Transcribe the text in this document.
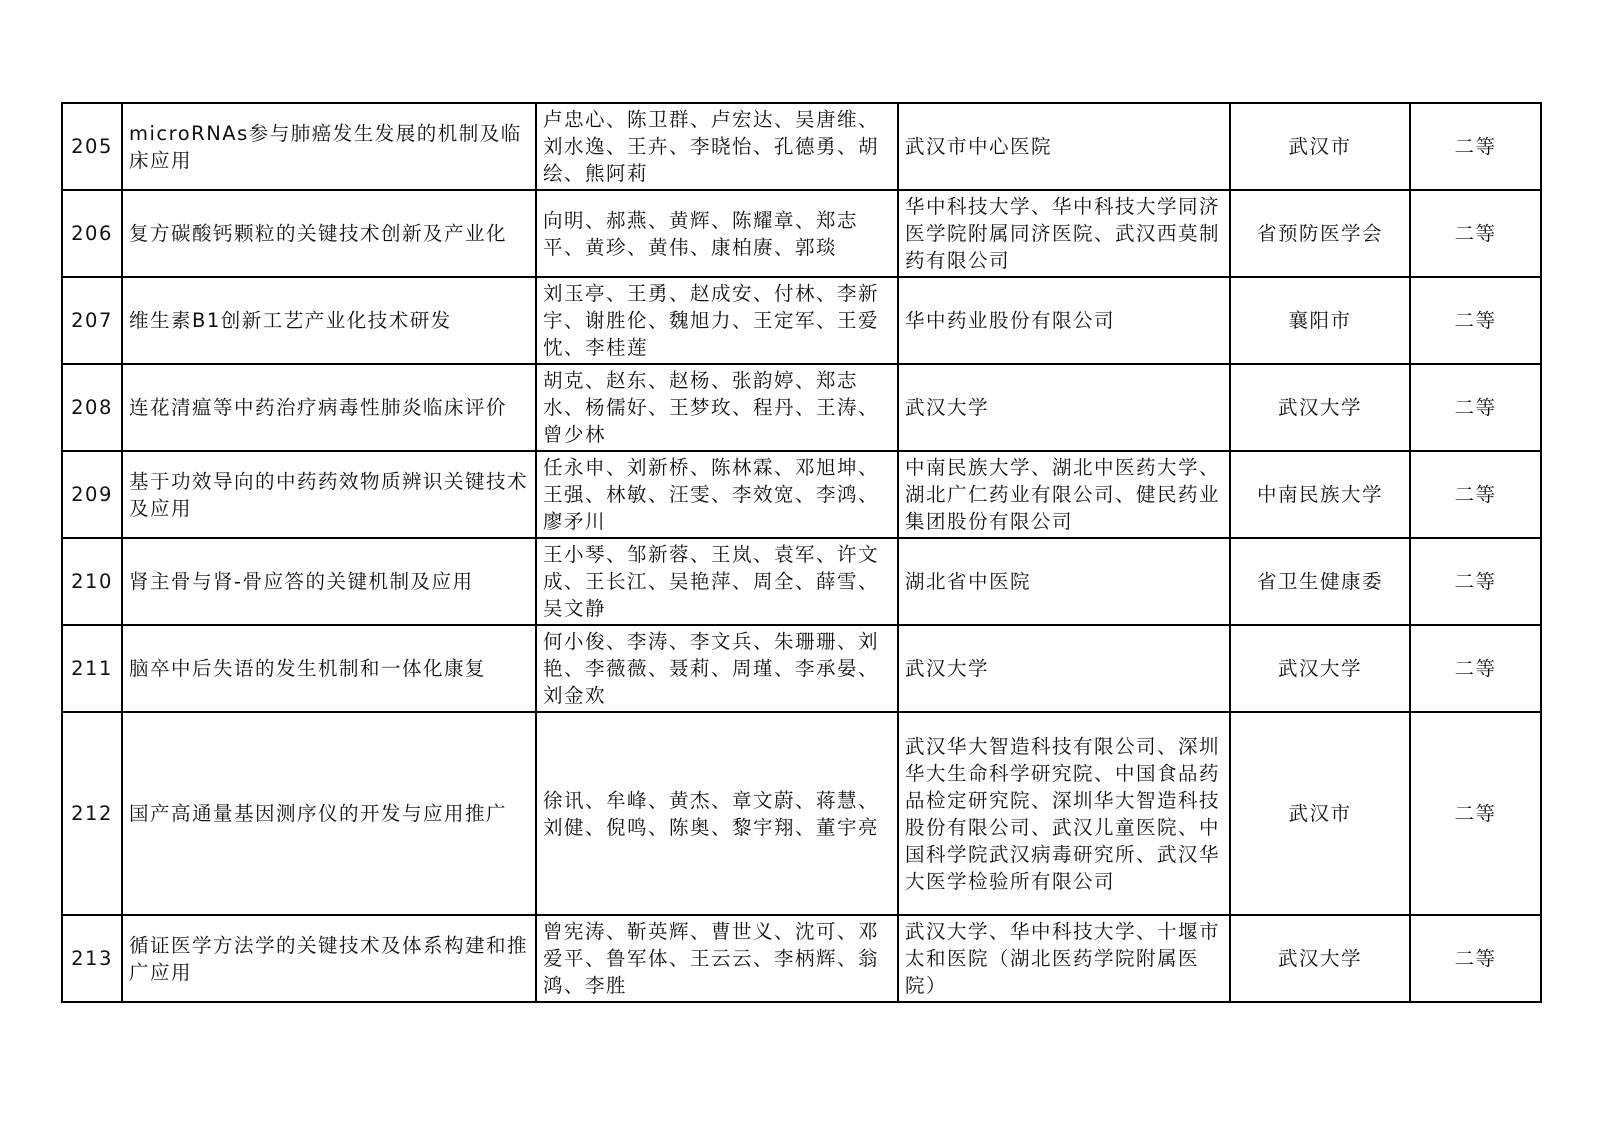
205	microRNAs参与肺癌发生发展的机制及临床应用	卢忠心、陈卫群、卢宏达、吴唐维、刘水逸、王卉、李晓怡、孔德勇、胡绘、熊阿莉	武汉市中心医院	武汉市	二等
206	复方碳酸钙颗粒的关键技术创新及产业化	向明、郝燕、黄辉、陈耀章、郑志平、黄珍、黄伟、康柏赓、郭琰	华中科技大学、华中科技大学同济医学院附属同济医院、武汉西莫制药有限公司	省预防医学会	二等
207	维生素B1创新工艺产业化技术研发	刘玉亭、王勇、赵成安、付林、李新宇、谢胜伦、魏旭力、王定军、王爱忱、李桂莲	华中药业股份有限公司	襄阳市	二等
208	连花清瘟等中药治疗病毒性肺炎临床评价	胡克、赵东、赵杨、张韵婷、郑志水、杨儒好、王梦玫、程丹、王涛、曾少林	武汉大学	武汉大学	二等
209	基于功效导向的中药药效物质辨识关键技术及应用	任永申、刘新桥、陈林霖、邓旭坤、王强、林敏、汪雯、李效宽、李鸿、廖矛川	中南民族大学、湖北中医药大学、湖北广仁药业有限公司、健民药业集团股份有限公司	中南民族大学	二等
210	肾主骨与肾-骨应答的关键机制及应用	王小琴、邹新蓉、王岚、袁军、许文成、王长江、吴艳萍、周全、薛雪、吴文静	湖北省中医院	省卫生健康委	二等
211	脑卒中后失语的发生机制和一体化康复	何小俊、李涛、李文兵、朱珊珊、刘艳、李薇薇、聂莉、周瑾、李承晏、刘金欢	武汉大学	武汉大学	二等
212	国产高通量基因测序仪的开发与应用推广	徐讯、牟峰、黄杰、章文蔚、蒋慧、刘健、倪鸣、陈奥、黎宇翔、董宇亮	武汉华大智造科技有限公司、深圳华大生命科学研究院、中国食品药品检定研究院、深圳华大智造科技股份有限公司、武汉儿童医院、中国科学院武汉病毒研究所、武汉华大医学检验所有限公司	武汉市	二等
213	循证医学方法学的关键技术及体系构建和推广应用	曾宪涛、靳英辉、曹世义、沈可、邓爱平、鲁军体、王云云、李柄辉、翁鸿、李胜	武汉大学、华中科技大学、十堰市太和医院（湖北医药学院附属医院）	武汉大学	二等
